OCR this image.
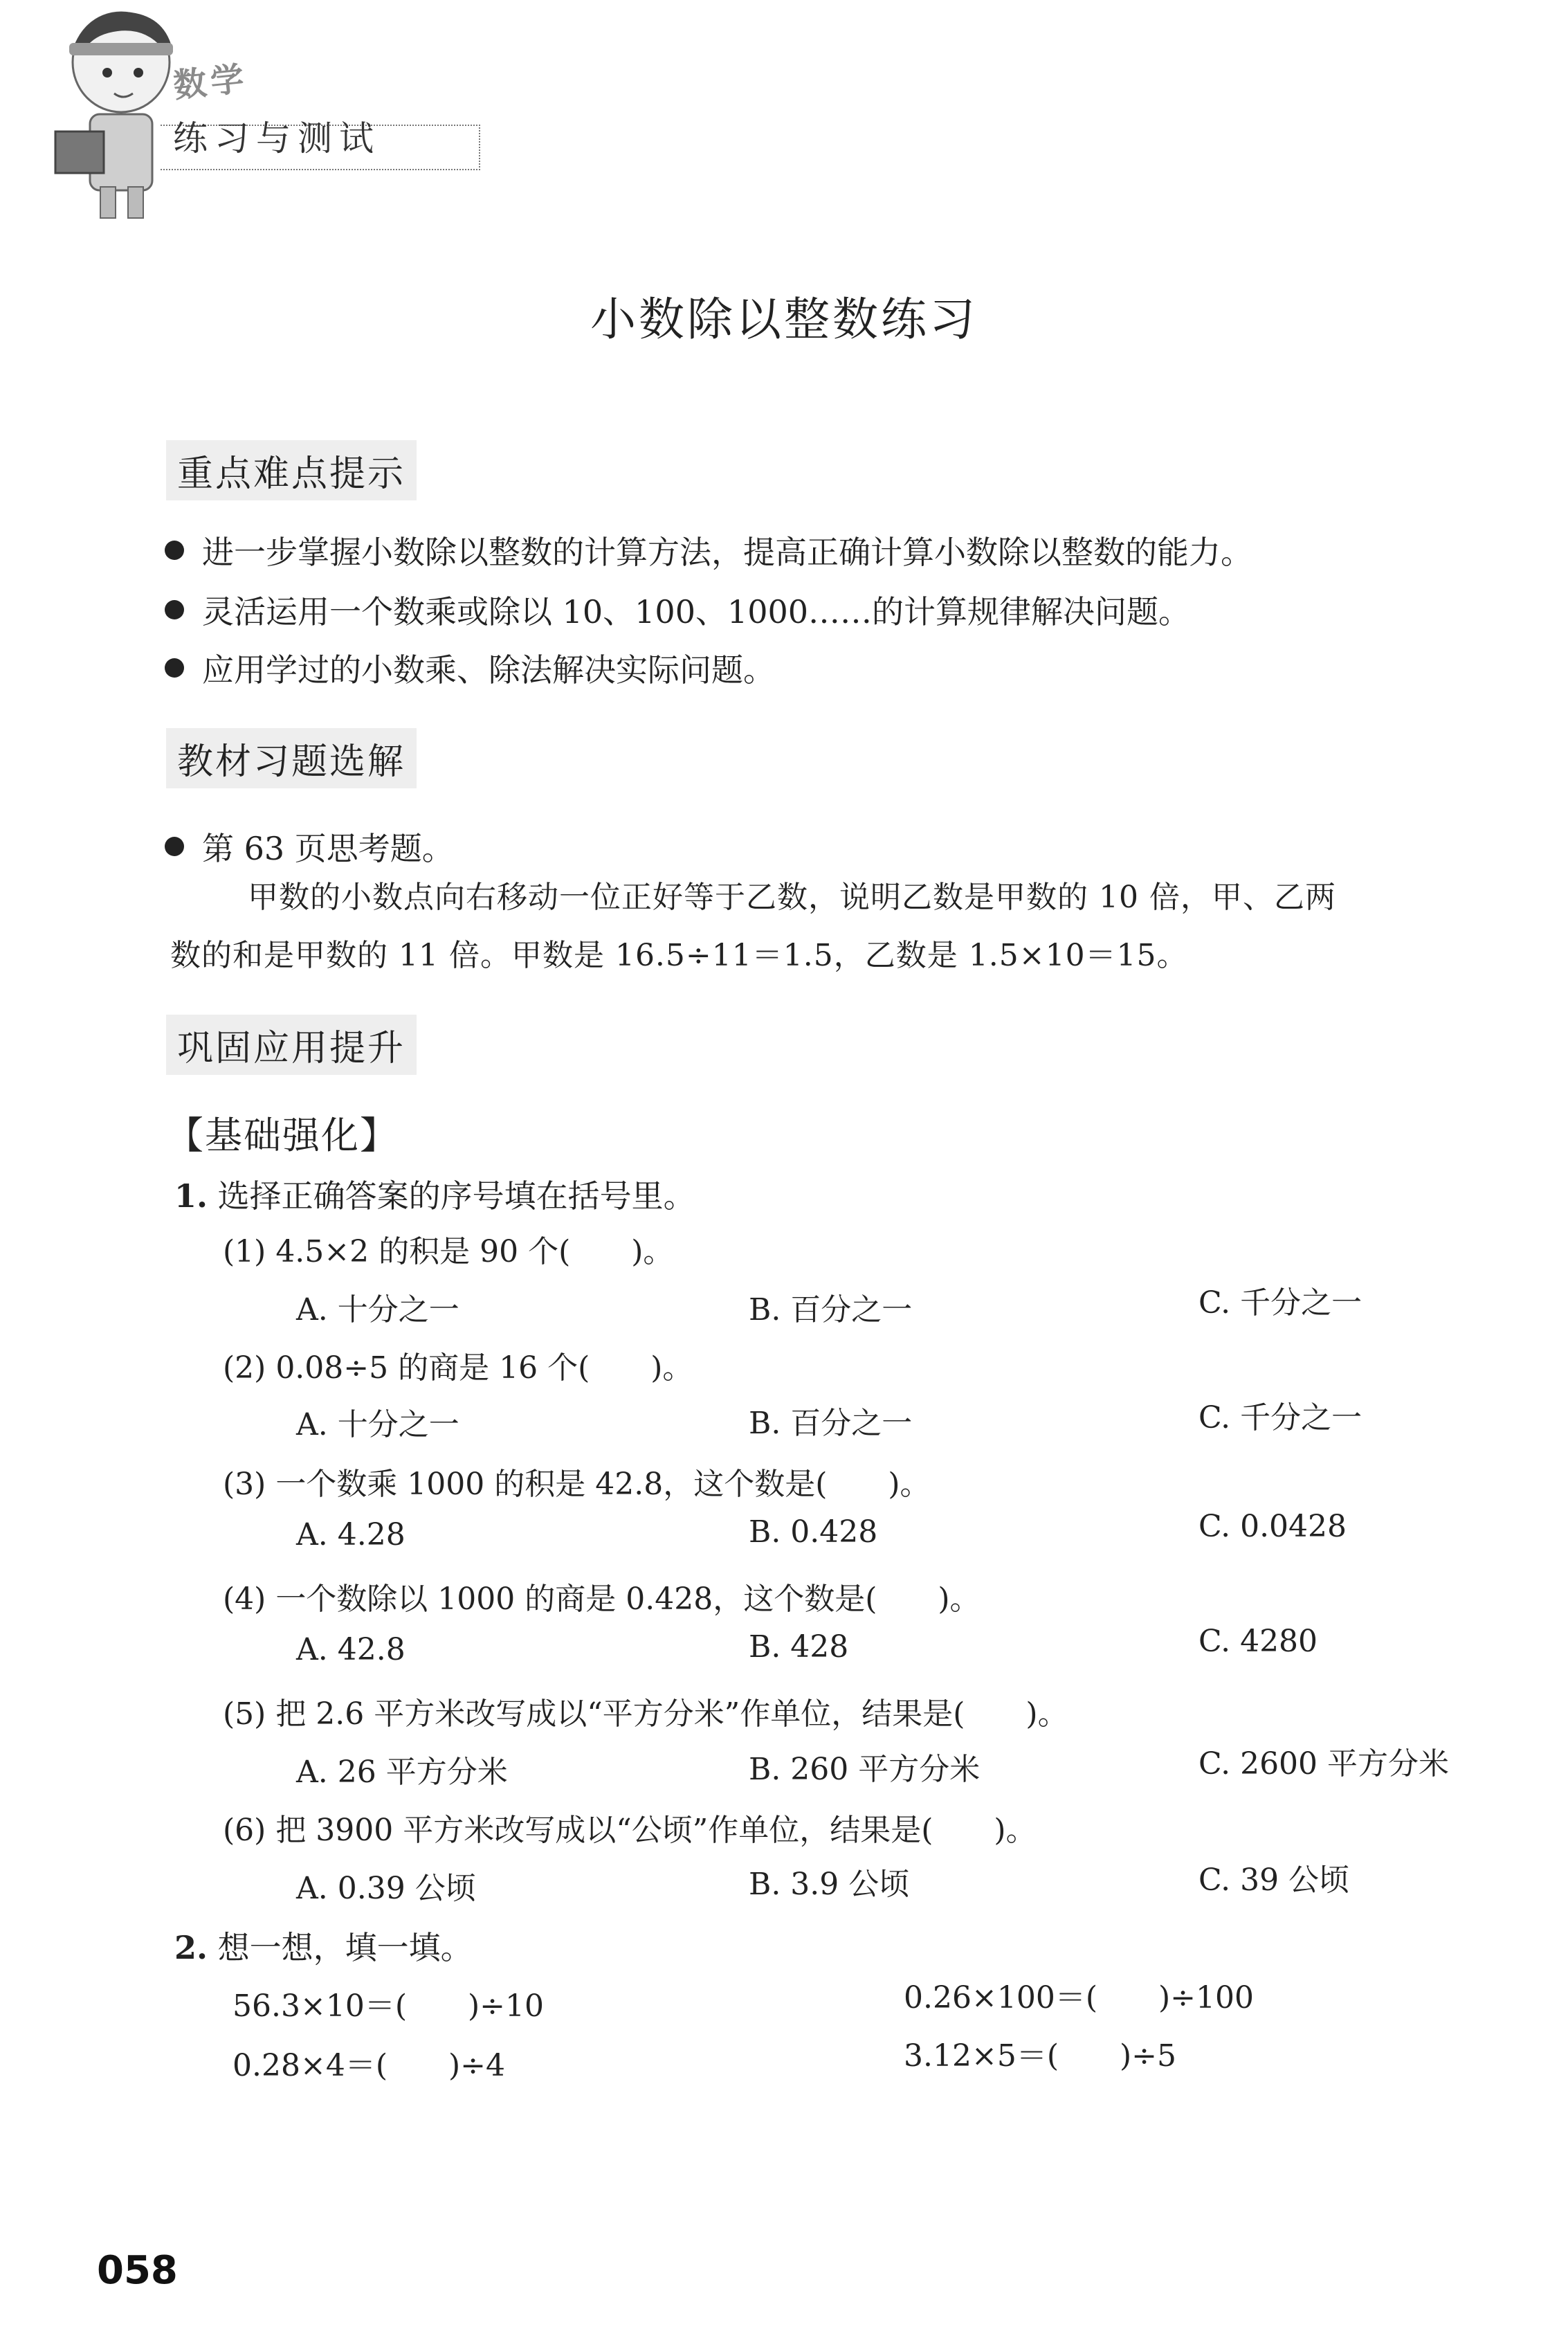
数学
练习与测试
小数除以整数练习
重点难点提示
进一步掌握小数除以整数的计算方法，提高正确计算小数除以整数的能力。
灵活运用一个数乘或除以 10、100、1000……的计算规律解决问题。
应用学过的小数乘、除法解决实际问题。
教材习题选解
第 63 页思考题。
甲数的小数点向右移动一位正好等于乙数，说明乙数是甲数的 10 倍，甲、乙两
数的和是甲数的 11 倍。甲数是 16.5÷11＝1.5，乙数是 1.5×10＝15。
巩固应用提升
【基础强化】
1. 选择正确答案的序号填在括号里。
(1) 4.5×2 的积是 90 个(　　)。
A. 十分之一	B. 百分之一	C. 千分之一
(2) 0.08÷5 的商是 16 个(　　)。
A. 十分之一	B. 百分之一	C. 千分之一
(3) 一个数乘 1000 的积是 42.8，这个数是(　　)。
A. 4.28	B. 0.428	C. 0.0428
(4) 一个数除以 1000 的商是 0.428，这个数是(　　)。
A. 42.8	B. 428	C. 4280
(5) 把 2.6 平方米改写成以“平方分米”作单位，结果是(　　)。
A. 26 平方分米	B. 260 平方分米	C. 2600 平方分米
(6) 把 3900 平方米改写成以“公顷”作单位，结果是(　　)。
A. 0.39 公顷	B. 3.9 公顷	C. 39 公顷
2. 想一想，填一填。
56.3×10＝(　　)÷10	0.26×100＝(　　)÷100
0.28×4＝(　　)÷4	3.12×5＝(　　)÷5
058
